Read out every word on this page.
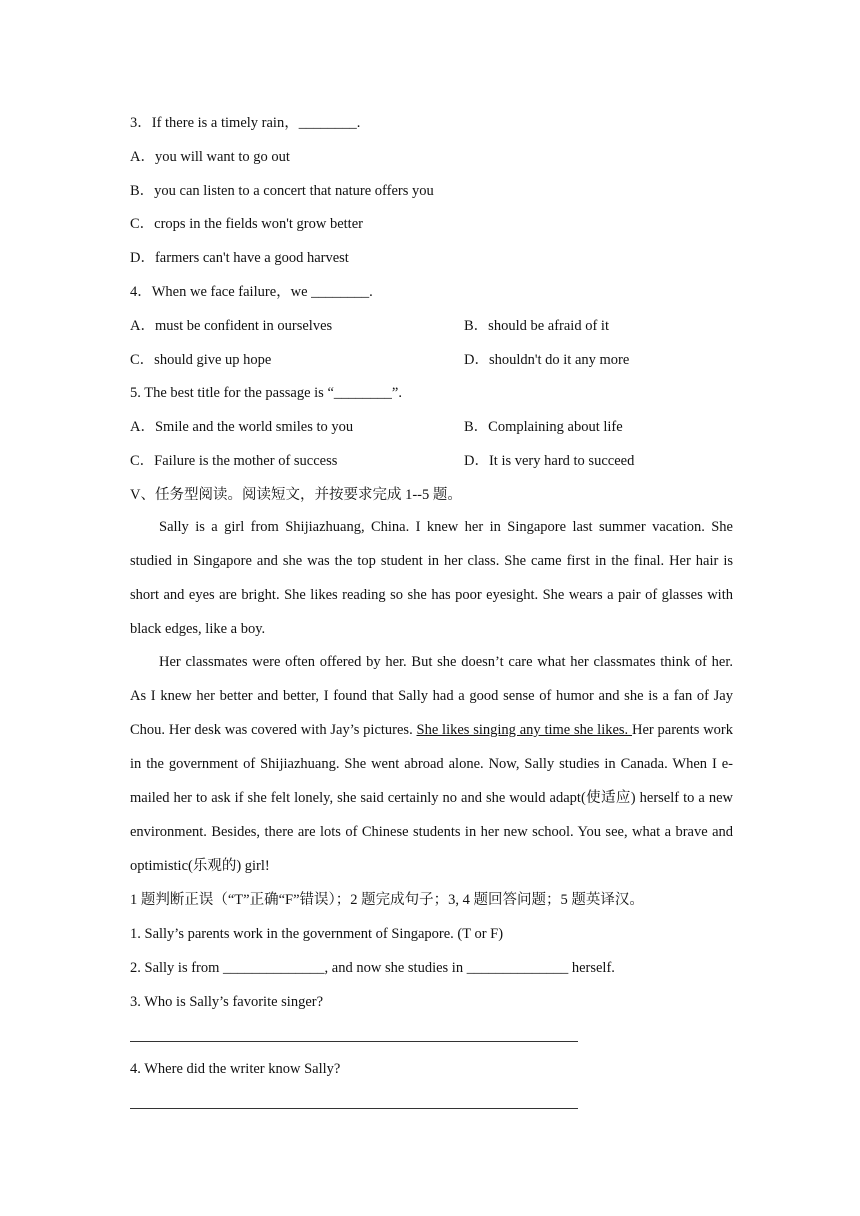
3．If there is a timely rain，________.
A．you will want to go out
B．you can listen to a concert that nature offers you
C．crops in the fields won't grow better
D．farmers can't have a good harvest
4．When we face failure，we ________.
A．must be confident in ourselves	B．should be afraid of it
C．should give up hope	D．shouldn't do it any more
5. The best title for the passage is “________”.
A．Smile and the world smiles to you	B．Complaining about life
C．Failure is the mother of success	D．It is very hard to succeed
V、任务型阅读。阅读短文，并按要求完成 1--5 题。

Sally is a girl from Shijiazhuang, China. I knew her in Singapore last summer vacation. She studied in Singapore and she was the top student in her class. She came first in the final. Her hair is short and eyes are bright. She likes reading so she has poor eyesight. She wears a pair of glasses with black edges, like a boy.

Her classmates were often offered by her. But she doesn’t care what her classmates think of her. As I knew her better and better, I found that Sally had a good sense of humor and she is a fan of Jay Chou. Her desk was covered with Jay’s pictures. She likes singing any time she likes. Her parents work in the government of Shijiazhuang. She went abroad alone. Now, Sally studies in Canada. When I e-mailed her to ask if she felt lonely, she said certainly no and she would adapt(使适应) herself to a new environment. Besides, there are lots of Chinese students in her new school. You see, what a brave and optimistic(乐观的) girl!

1 题判断正误（“T”正确“F”错误）；2 题完成句子；3, 4 题回答问题；5 题英译汉。
1. Sally’s parents work in the government of Singapore. (T or F)
2. Sally is from ______________, and now she studies in ______________ herself.
3. Who is Sally’s favorite singer?
4. Where did the writer know Sally?
